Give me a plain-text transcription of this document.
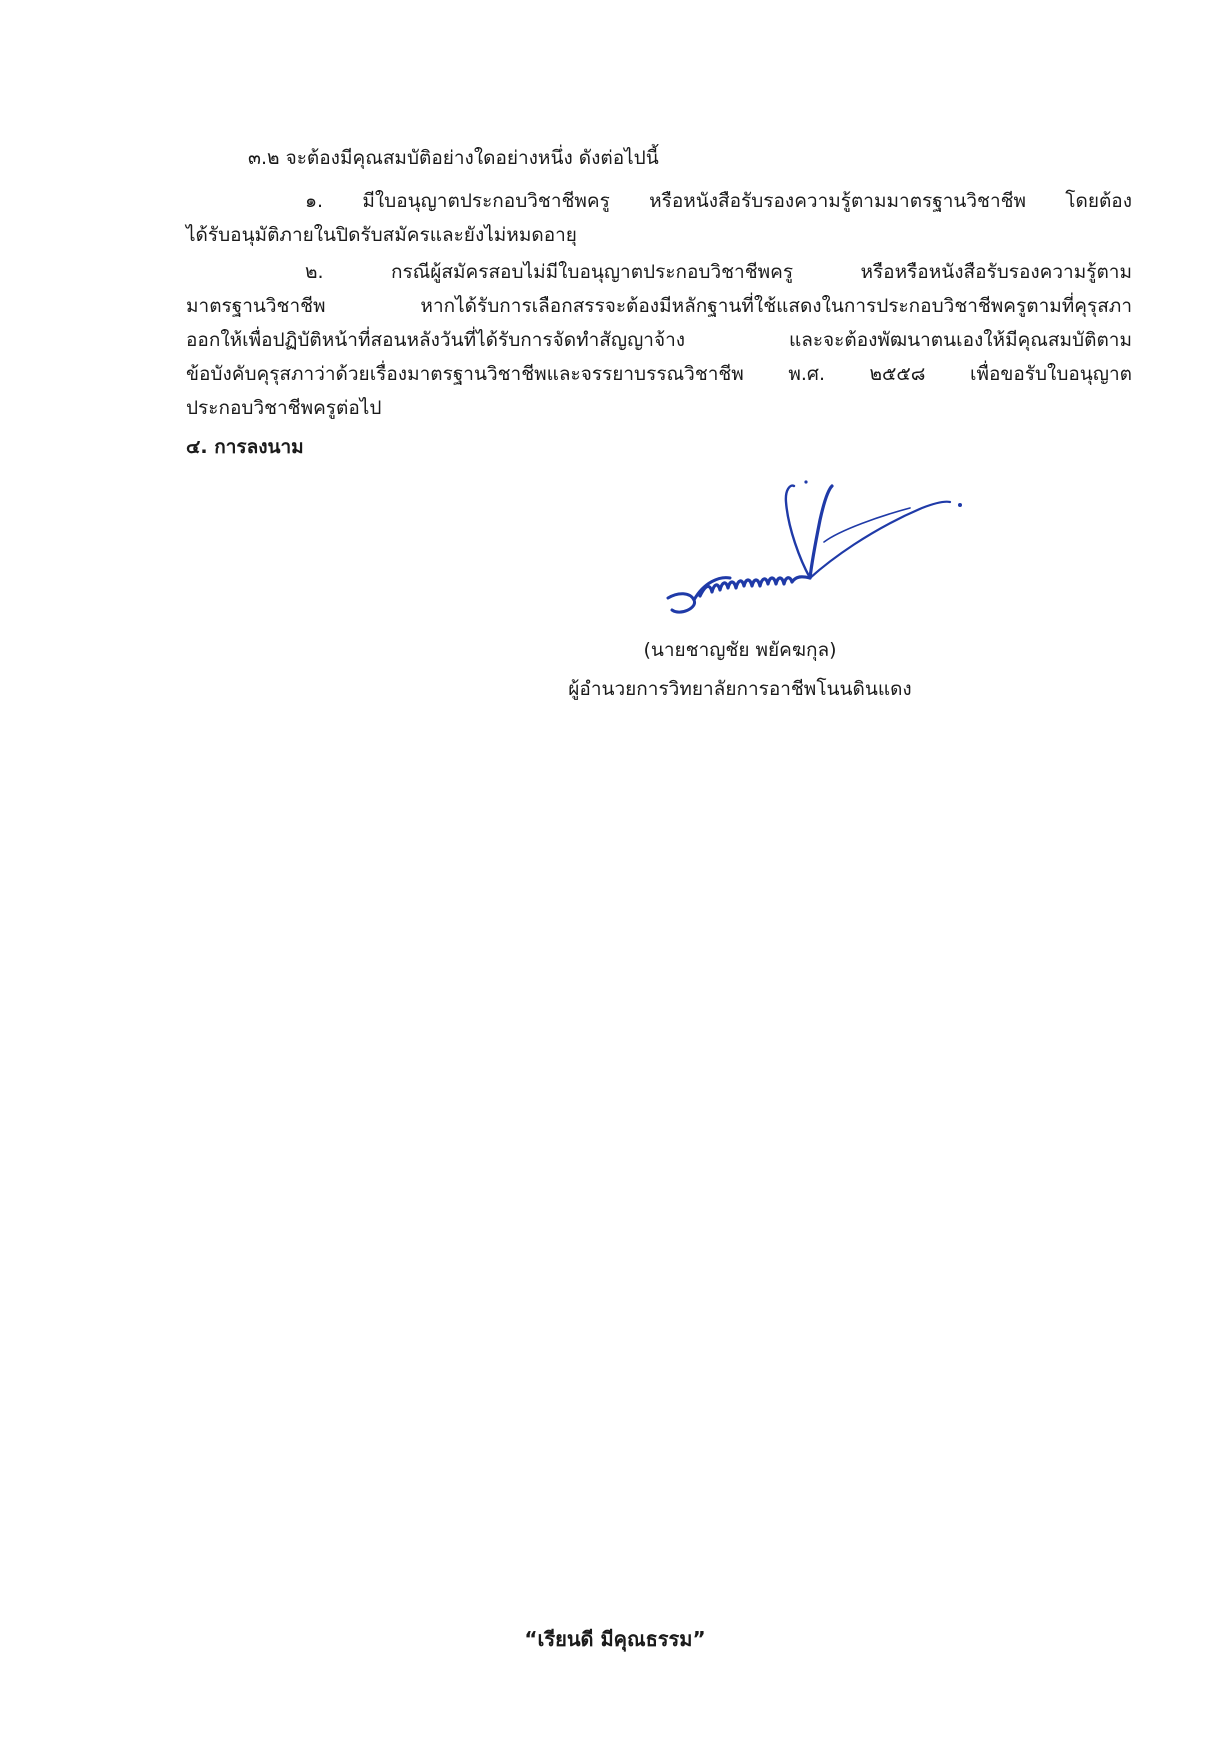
๓.๒ จะต้องมีคุณสมบัติอย่างใดอย่างหนึ่ง ดังต่อไปนี้
๑. มีใบอนุญาตประกอบวิชาชีพครู หรือหนังสือรับรองความรู้ตามมาตรฐานวิชาชีพ โดยต้อง
ได้รับอนุมัติภายในปิดรับสมัครและยังไม่หมดอายุ
๒. กรณีผู้สมัครสอบไม่มีใบอนุญาตประกอบวิชาชีพครู หรือหรือหนังสือรับรองความรู้ตาม
มาตรฐานวิชาชีพ หากได้รับการเลือกสรรจะต้องมีหลักฐานที่ใช้แสดงในการประกอบวิชาชีพครูตามที่คุรุสภา
ออกให้เพื่อปฏิบัติหน้าที่สอนหลังวันที่ได้รับการจัดทำสัญญาจ้าง และจะต้องพัฒนาตนเองให้มีคุณสมบัติตาม
ข้อบังคับคุรุสภาว่าด้วยเรื่องมาตรฐานวิชาชีพและจรรยาบรรณวิชาชีพ พ.ศ. ๒๕๕๘ เพื่อขอรับใบอนุญาต
ประกอบวิชาชีพครูต่อไป
๔. การลงนาม
(นายชาญชัย พยัคฆกุล)
ผู้อำนวยการวิทยาลัยการอาชีพโนนดินแดง
“เรียนดี มีคุณธรรม”
